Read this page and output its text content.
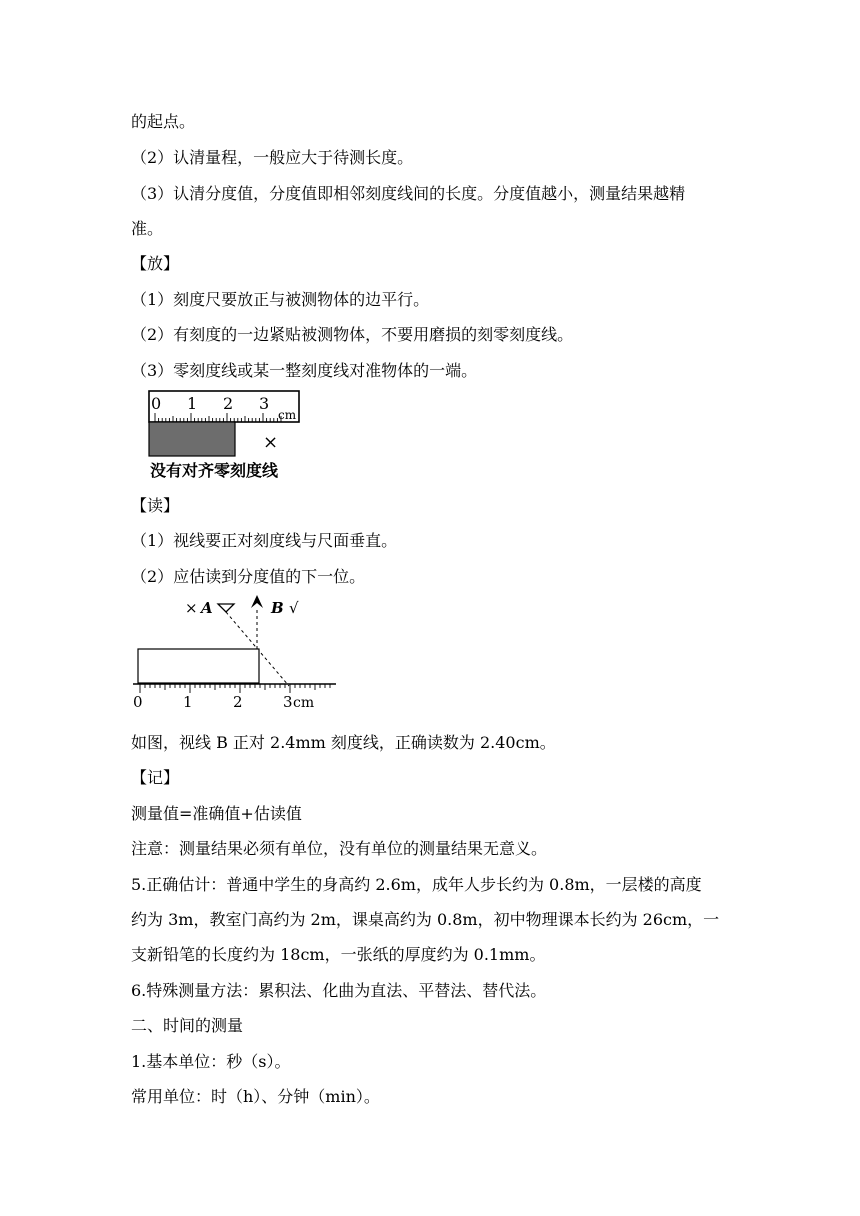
的起点。
（2）认清量程，一般应大于待测长度。
（3）认清分度值，分度值即相邻刻度线间的长度。分度值越小，测量结果越精
准。
【放】
（1）刻度尺要放正与被测物体的边平行。
（2）有刻度的一边紧贴被测物体，不要用磨损的刻零刻度线。
（3）零刻度线或某一整刻度线对准物体的一端。
0 1 2 3
cm
×
没有对齐零刻度线
【读】
（1）视线要正对刻度线与尺面垂直。
（2）应估读到分度值的下一位。
× A	B √
0	1	2	3 cm
如图，视线 B 正对 2.4mm 刻度线，正确读数为 2.40cm。
【记】
测量值=准确值+估读值
注意：测量结果必须有单位，没有单位的测量结果无意义。
5.正确估计：普通中学生的身高约 2.6m，成年人步长约为 0.8m，一层楼的高度
约为 3m，教室门高约为 2m，课桌高约为 0.8m，初中物理课本长约为 26cm，一
支新铅笔的长度约为 18cm，一张纸的厚度约为 0.1mm。
6.特殊测量方法：累积法、化曲为直法、平替法、替代法。
二、时间的测量
1.基本单位：秒（s）。
常用单位：时（h）、分钟（min）。
